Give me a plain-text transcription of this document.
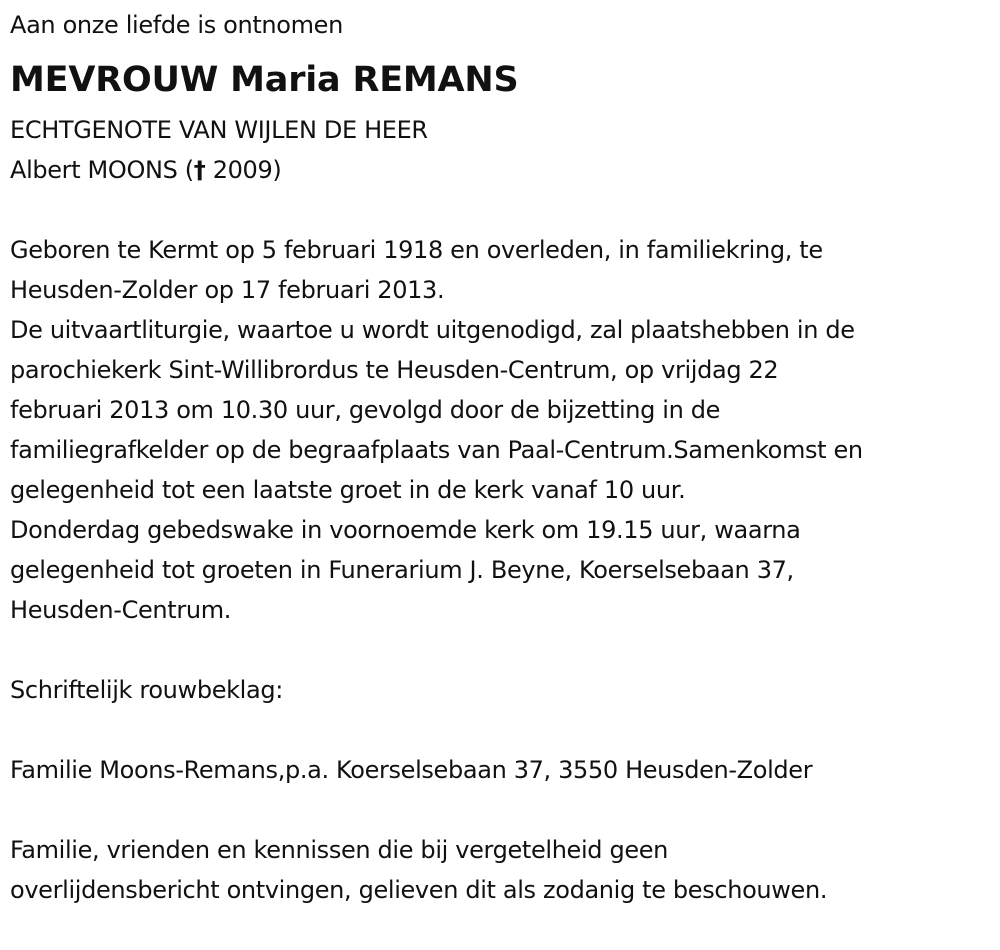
Aan onze liefde is ontnomen
MEVROUW Maria REMANS
ECHTGENOTE VAN WIJLEN DE HEER
Albert MOONS († 2009)
Geboren te Kermt op 5 februari 1918 en overleden, in familiekring, te
Heusden-Zolder op 17 februari 2013.
De uitvaartliturgie, waartoe u wordt uitgenodigd, zal plaatshebben in de
parochiekerk Sint-Willibrordus te Heusden-Centrum, op vrijdag 22
februari 2013 om 10.30 uur, gevolgd door de bijzetting in de
familiegrafkelder op de begraafplaats van Paal-Centrum.Samenkomst en
gelegenheid tot een laatste groet in de kerk vanaf 10 uur.
Donderdag gebedswake in voornoemde kerk om 19.15 uur, waarna
gelegenheid tot groeten in Funerarium J. Beyne, Koerselsebaan 37,
Heusden-Centrum.
Schriftelijk rouwbeklag:
Familie Moons-Remans,p.a. Koerselsebaan 37, 3550 Heusden-Zolder
Familie, vrienden en kennissen die bij vergetelheid geen
overlijdensbericht ontvingen, gelieven dit als zodanig te beschouwen.
